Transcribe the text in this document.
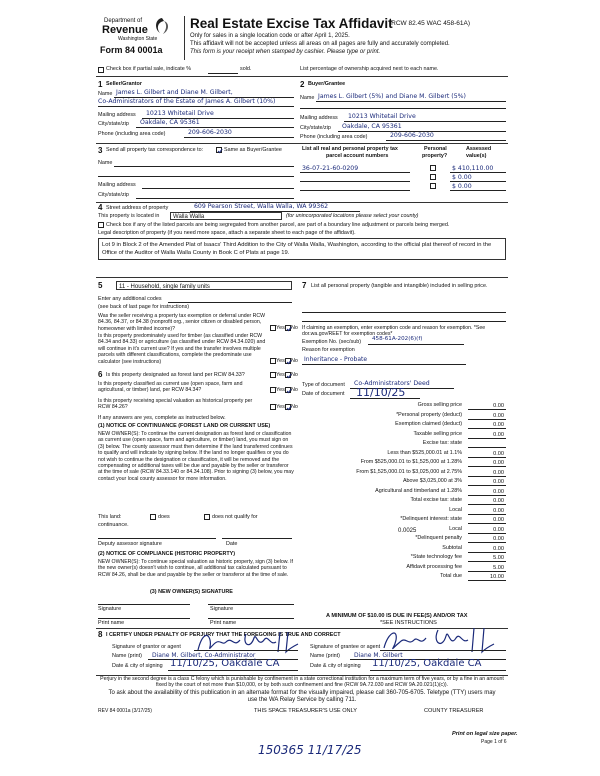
Department of
Revenue
Washington State
Form 84 0001a
Real Estate Excise Tax Affidavit
(RCW 82.45 WAC 458-61A)
Only for sales in a single location code or after April 1, 2025.
This affidavit will not be accepted unless all areas on all pages are fully and accurately completed.
This form is your receipt when stamped by cashier. Please type or print.
Check box if partial sale, indicate %	sold.	List percentage of ownership acquired next to each name.
1 Seller/Grantor
Name James L. Gilbert and Diane M. Gilbert,
Co-Administrators of the Estate of James A. Gilbert (10%)
Mailing address 10213 Whitetail Drive
City/state/zip Oakdale, CA 95361
Phone (including area code)	209-606-2030
2 Buyer/Grantee
Name James L. Gilbert (5%) and Diane M. Gilbert (5%)
Mailing address 10213 Whitetail Drive
City/state/zip Oakdale, CA 95361
Phone (including area code)	209-606-2030
3 Send all property tax correspondence to:	Same as Buyer/Grantee
Name
Mailing address
City/state/zip
List all real and personal property tax
parcel account numbers
Personal
property?
Assessed
value(s)
36-07-21-60-0209	$ 410,110.00
$ 0.00
$ 0.00
4 Street address of property	609 Pearson Street, Walla Walla, WA 99362
This property is located in Walla Walla	(for unincorporated locations please select your county)
Check box if any of the listed parcels are being segregated from another parcel, are part of a boundary line adjustment or parcels being merged.
Legal description of property (if you need more space, attach a separate sheet to each page of the affidavit).
Lot 9 in Block 2 of the Amended Plat of Isaacs' Third Addition to the City of Walla Walla, Washington, according to the official plat thereof of record in the Office of the Auditor of Walla Walla County in Book C of Plats at page 19.
5	11 - Household, single family units
Enter any additional codes
(see back of last page for instructions)
Was the seller receiving a property tax exemption or deferral under RCW 84.36, 84.37, or 84.38 (nonprofit org., senior citizen or disabled person, homeowner with limited income)?	Yes No
Is this property predominately used for timber (as classified under RCW 84.34 and 84.33) or agriculture (as classified under RCW 84.34.020) and will continue in it's current use? If yes and the transfer involves multiple parcels with different classifications, complete the predominate use calculator (see instructions)	Yes No
6 Is this property designated as forest land per RCW 84.33?	Yes No
Is this property classified as current use (open space, farm and agricultural, or timber) land, per RCW 84.34?	Yes No
Is this property receiving special valuation as historical property per RCW 84.26?	Yes No
If any answers are yes, complete as instructed below.
(1) NOTICE OF CONTINUANCE (FOREST LAND OR CURRENT USE)
NEW OWNER(S): To continue the current designation as forest land or classification as current use (open space, farm and agriculture, or timber) land, you must sign on (3) below. The county assessor must then determine if the land transferred continues to qualify and will indicate by signing below. If the land no longer qualifies or you do not wish to continue the designation or classification, it will be removed and the compensating or additional taxes will be due and payable by the seller or transferor at the time of sale (RCW 84.33.140 or 84.34.108). Prior to signing (3) below, you may contact your local county assessor for more information.
This land:	does	does not qualify for
continuance.
Deputy assessor signature	Date
(2) NOTICE OF COMPLIANCE (HISTORIC PROPERTY)
NEW OWNER(S): To continue special valuation as historic property, sign (3) below. If the new owner(s) doesn't wish to continue, all additional tax calculated pursuant to RCW 84.26, shall be due and payable by the seller or transferor at the time of sale.
(3) NEW OWNER(S) SIGNATURE
Signature	Signature
Print name	Print name
7 List all personal property (tangible and intangible) included in selling price.
If claiming an exemption, enter exemption code and reason for exemption. *See dor.wa.gov/REET for exemption codes*
Exemption No. (sec/sub) 458-61A-202(6)(f)
Reason for exemption
Inheritance - Probate
Type of document Co-Administrators' Deed
Date of document 11/10/25
Gross selling price	0.00
*Personal property (deduct)	0.00
Exemption claimed (deduct)	0.00
Taxable selling price	0.00
Excise tax: state
Less than $525,000.01 at 1.1%	0.00
From $525,000.01 to $1,525,000 at 1.28%	0.00
From $1,525,000.01 to $3,025,000 at 2.75%	0.00
Above $3,025,000 at 3%	0.00
Agricultural and timberland at 1.28%	0.00
Total excise tax: state	0.00
Local	0.00
*Delinquent interest: state	0.00
Local	0.00
*Delinquent penalty	0.00
Subtotal	0.00
*State technology fee	5.00
Affidavit processing fee	5.00
Total due	10.00
0.0025
A MINIMUM OF $10.00 IS DUE IN FEE(S) AND/OR TAX
*SEE INSTRUCTIONS
8 I CERTIFY UNDER PENALTY OF PERJURY THAT THE FOREGOING IS TRUE AND CORRECT
Signature of grantor or agent
Name (print) Diane M. Gilbert, Co-Administrator
Date & city of signing 11/10/25, Oakdale CA
Signature of grantee or agent
Name (print) Diane M. Gilbert
Date & city of signing 11/10/25, Oakdale CA
Perjury in the second degree is a class C felony which is punishable by confinement in a state correctional institution for a maximum term of five years, or by a fine in an amount fixed by the court of not more than $10,000, or by both such confinement and fine (RCW 9A.72.030 and RCW 9A.20.021(1)(c)).
To ask about the availability of this publication in an alternate format for the visually impaired, please call 360-705-6705. Teletype (TTY) users may use the WA Relay Service by calling 711.
REV 84 0001a (3/17/25)	THIS SPACE TREASURER'S USE ONLY	COUNTY TREASURER
Print on legal size paper.
Page 1 of 6
150365 11/17/25
